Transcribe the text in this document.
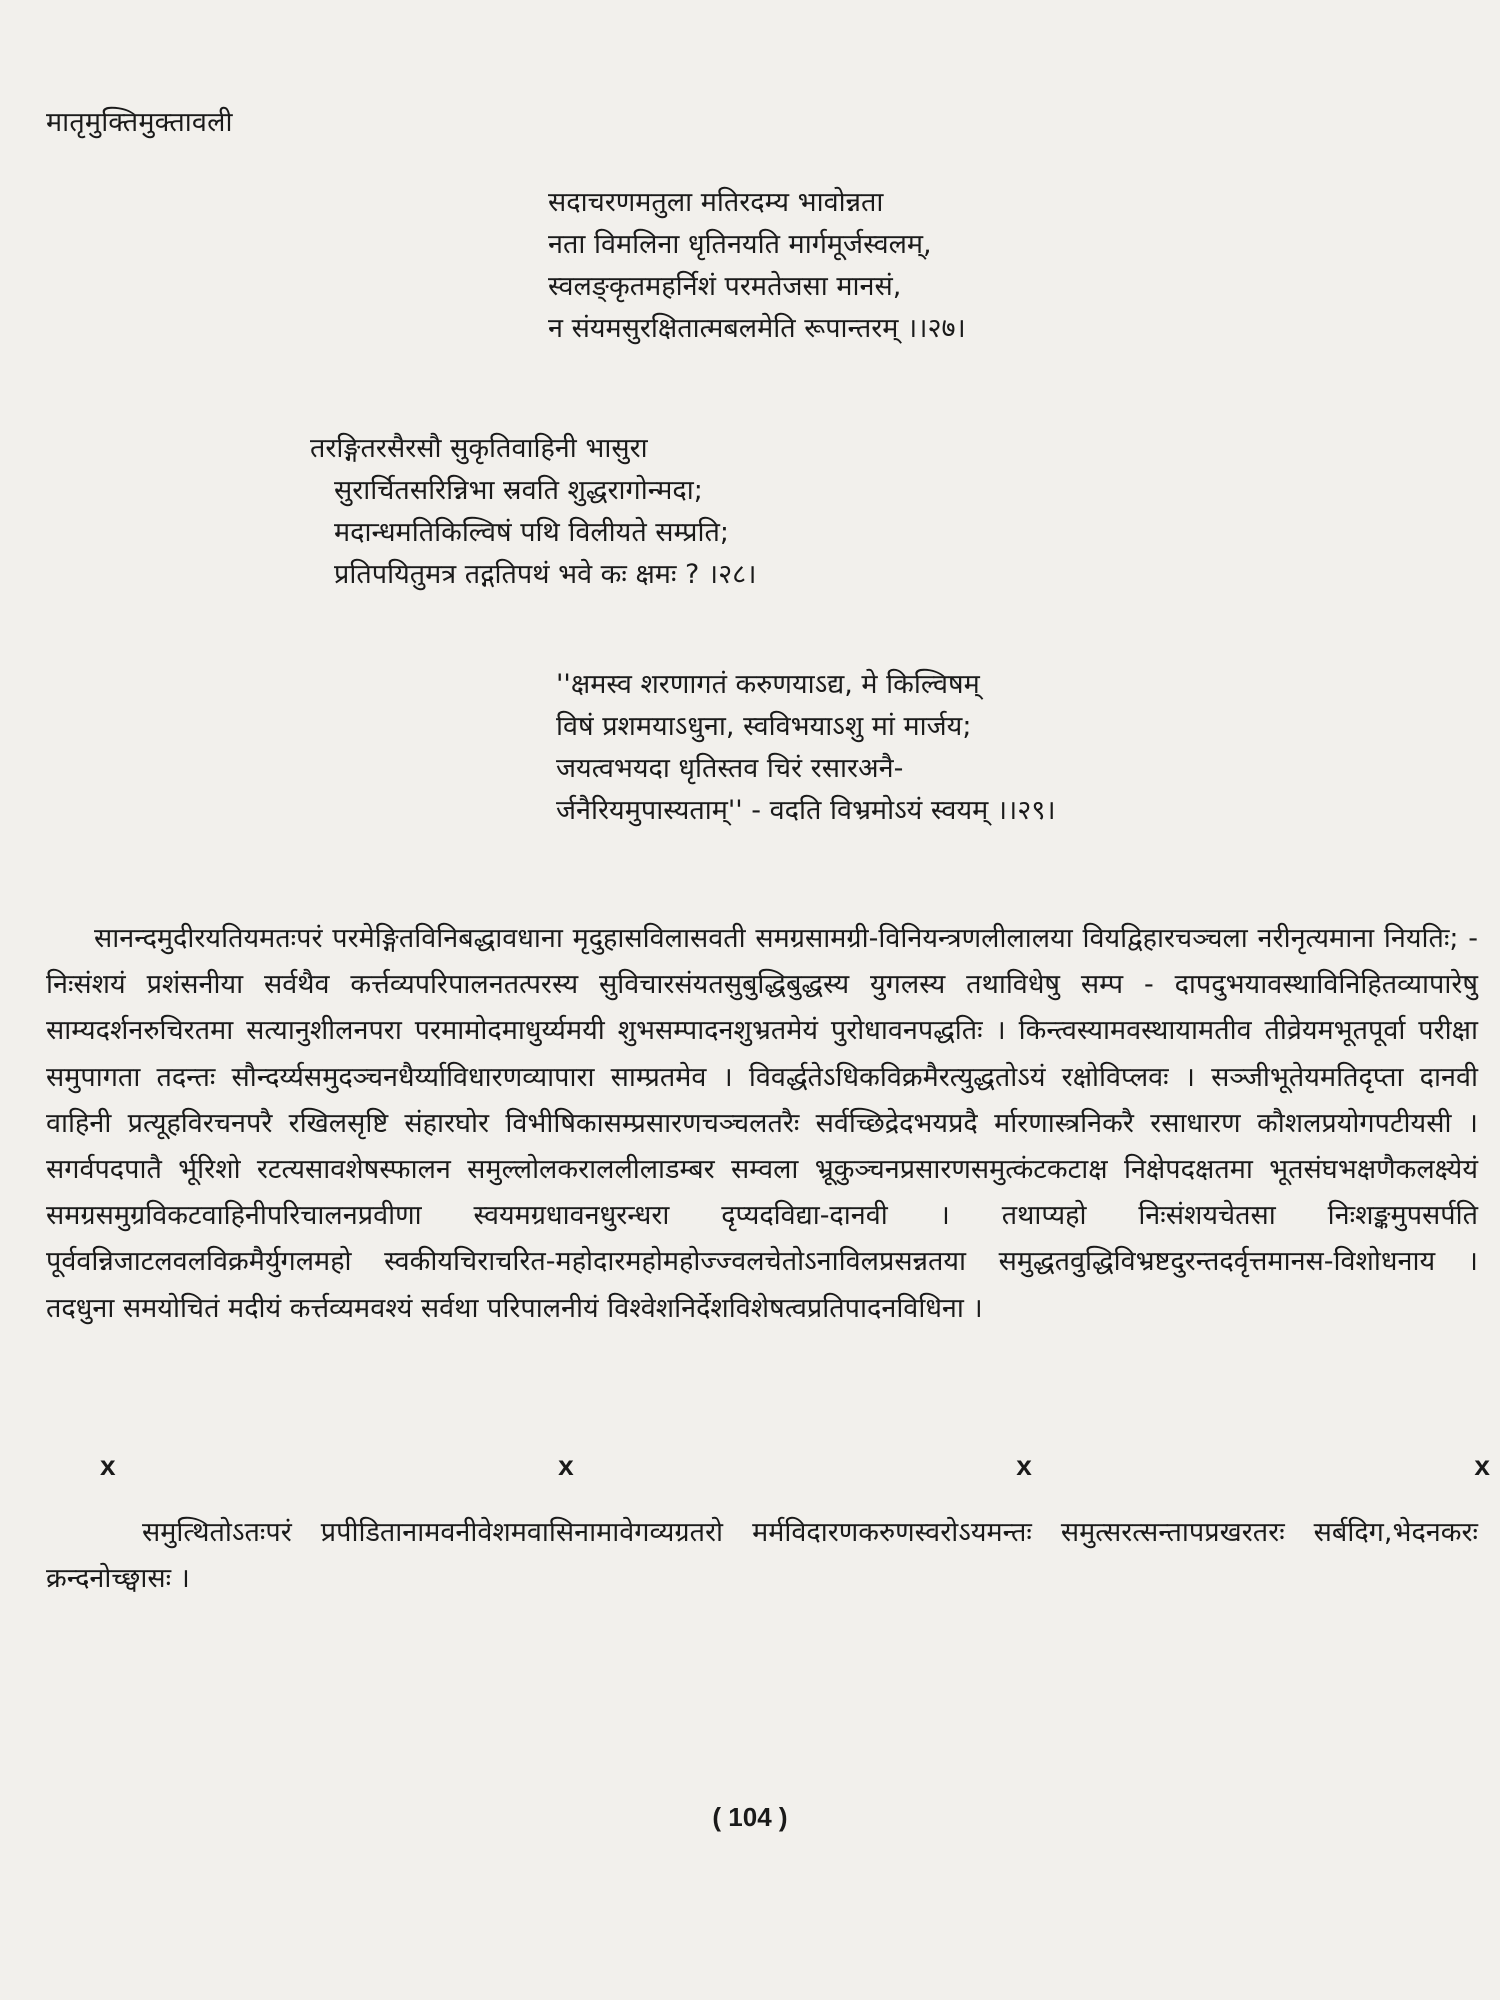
मातृमुक्तिमुक्तावली
सदाचरणमतुला मतिरदम्य भावोन्नता
नता विमलिना धृतिनयति मार्गमूर्जस्वलम्,
स्वलङ्कृतमहर्निशं परमतेजसा मानसं,
न संयमसुरक्षितात्मबलमेति रूपान्तरम् ।।२७।
तरङ्गितरसैरसौ सुकृतिवाहिनी भासुरा
सुरार्चितसरिन्निभा स्रवति शुद्धरागोन्मदा;
मदान्धमतिकिल्विषं पथि विलीयते सम्प्रति;
प्रतिपयितुमत्र तद्गतिपथं भवे कः क्षमः ? ।२८।
''क्षमस्व शरणागतं करुणयाऽद्य, मे किल्विषम्
विषं प्रशमयाऽधुना, स्वविभयाऽशु मां मार्जय;
जयत्वभयदा धृतिस्तव चिरं रसारअनै-
र्जनैरियमुपास्यताम्'' - वदति विभ्रमोऽयं स्वयम् ।।२९।

सानन्दमुदीरयतियमतःपरं परमेङ्गितविनिबद्धावधाना मृदुहासविलासवती समग्रसामग्री-विनियन्त्रणलीलालया वियद्विहारचञ्चला नरीनृत्यमाना नियतिः; - निःसंशयं प्रशंसनीया सर्वथैव कर्त्तव्यपरिपालनतत्परस्य सुविचारसंयतसुबुद्धिबुद्धस्य युगलस्य तथाविधेषु सम्प - दापदुभयावस्थाविनिहितव्यापारेषु साम्यदर्शनरुचिरतमा सत्यानुशीलनपरा परमामोदमाधुर्य्यमयी शुभसम्पादनशुभ्रतमेयं पुरोधावनपद्धतिः । किन्त्वस्यामवस्थायामतीव तीव्रेयमभूतपूर्वा परीक्षा समुपागता तदन्तः सौन्दर्य्यसमुदञ्चनधैर्य्याविधारणव्यापारा साम्प्रतमेव । विवर्द्धतेऽधिकविक्रमैरत्युद्धतोऽयं रक्षोविप्लवः । सञ्जीभूतेयमतिदृप्ता दानवी वाहिनी प्रत्यूहविरचनपरै रखिलसृष्टि संहारघोर विभीषिकासम्प्रसारणचञ्चलतरैः सर्वच्छिद्रेदभयप्रदै र्मारणास्त्रनिकरै रसाधारण कौशलप्रयोगपटीयसी । सगर्वपदपातै र्भूरिशो रटत्यसावशेषस्फालन समुल्लोलकराललीलाडम्बर सम्वला भ्रूकुञ्चनप्रसारणसमुत्कंटकटाक्ष निक्षेपदक्षतमा भूतसंघभक्षणैकलक्ष्येयं समग्रसमुग्रविकटवाहिनीपरिचालनप्रवीणा स्वयमग्रधावनधुरन्धरा दृप्यदविद्या-दानवी । तथाप्यहो निःसंशयचेतसा निःशङ्कमुपसर्पति पूर्ववन्निजाटलवलविक्रमैर्युगलमहो स्वकीयचिराचरित-महोदारमहोमहोज्ज्वलचेतोऽनाविलप्रसन्नतया समुद्धतवुद्धिविभ्रष्टदुरन्तदर्वृत्तमानस-विशोधनाय । तदधुना समयोचितं मदीयं कर्त्तव्यमवश्यं सर्वथा परिपालनीयं विश्वेशनिर्देशविशेषत्वप्रतिपादनविधिना ।

x	x	x	x

समुत्थितोऽतःपरं प्रपीडितानामवनीवेशमवासिनामावेगव्यग्रतरो मर्मविदारणकरुणस्वरोऽयमन्तः समुत्सरत्सन्तापप्रखरतरः सर्बदिग,भेदनकरः क्रन्दनोच्छ्वासः ।

( 104 )
